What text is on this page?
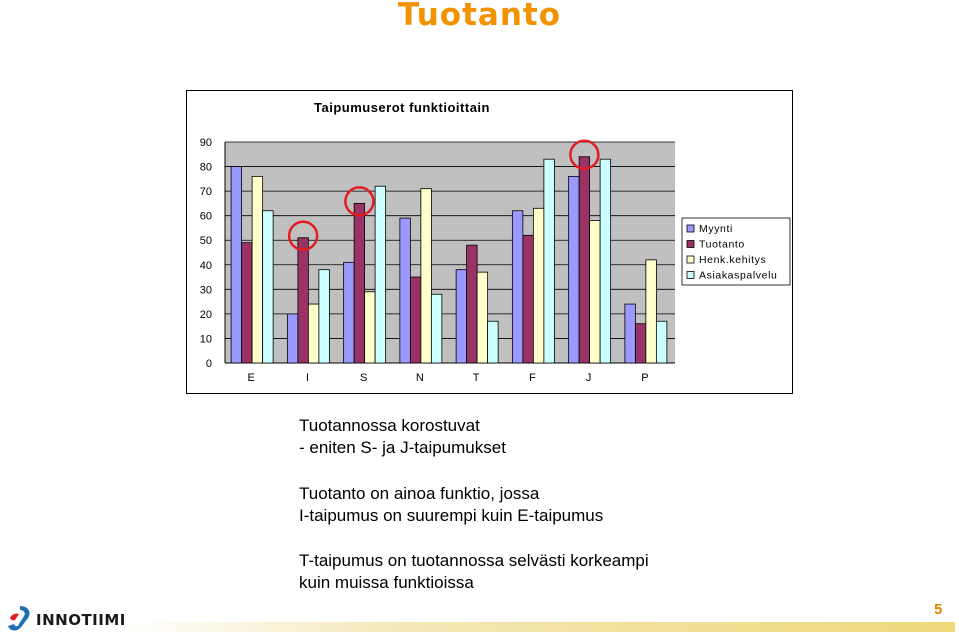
Tuotanto
Taipumuserot funktioittain
0
10
20
30
40
50
60
70
80
90
E	I	S	N	T	F	J	P
Myynti
Tuotanto
Henk.kehitys
Asiakaspalvelu

Tuotannossa korostuvat
- eniten S- ja J-taipumukset

Tuotanto on ainoa funktio, jossa
I-taipumus on suurempi kuin E-taipumus

T-taipumus on tuotannossa selvästi korkeampi
kuin muissa funktioissa

INNOTIIMI
5
